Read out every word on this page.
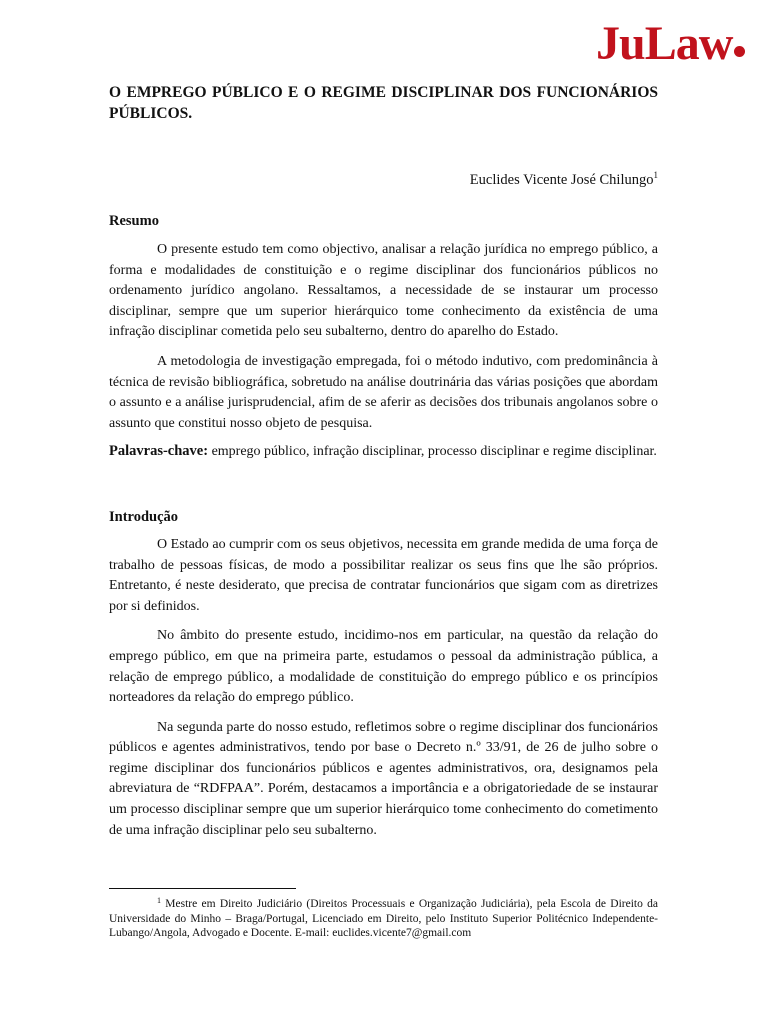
JuLaw
O EMPREGO PÚBLICO E O REGIME DISCIPLINAR DOS FUNCIONÁRIOS PÚBLICOS.
Euclides Vicente José Chilungo$^1$
Resumo

O presente estudo tem como objectivo, analisar a relação jurídica no emprego público, a forma e modalidades de constituição e o regime disciplinar dos funcionários públicos no ordenamento jurídico angolano. Ressaltamos, a necessidade de se instaurar um processo disciplinar, sempre que um superior hierárquico tome conhecimento da existência de uma infração disciplinar cometida pelo seu subalterno, dentro do aparelho do Estado.

A metodologia de investigação empregada, foi o método indutivo, com predominância à técnica de revisão bibliográfica, sobretudo na análise doutrinária das várias posições que abordam o assunto e a análise jurisprudencial, afim de se aferir as decisões dos tribunais angolanos sobre o assunto que constitui nosso objeto de pesquisa.

Palavras-chave: emprego público, infração disciplinar, processo disciplinar e regime disciplinar.
Introdução

O Estado ao cumprir com os seus objetivos, necessita em grande medida de uma força de trabalho de pessoas físicas, de modo a possibilitar realizar os seus fins que lhe são próprios. Entretanto, é neste desiderato, que precisa de contratar funcionários que sigam com as diretrizes por si definidos.

No âmbito do presente estudo, incidimo-nos em particular, na questão da relação do emprego público, em que na primeira parte, estudamos o pessoal da administração pública, a relação de emprego público, a modalidade de constituição do emprego público e os princípios norteadores da relação do emprego público.

Na segunda parte do nosso estudo, refletimos sobre o regime disciplinar dos funcionários públicos e agentes administrativos, tendo por base o Decreto n.º 33/91, de 26 de julho sobre o regime disciplinar dos funcionários públicos e agentes administrativos, ora, designamos pela abreviatura de “RDFPAA”. Porém, destacamos a importância e a obrigatoriedade de se instaurar um processo disciplinar sempre que um superior hierárquico tome conhecimento do cometimento de uma infração disciplinar pelo seu subalterno.

$^1$ Mestre em Direito Judiciário (Direitos Processuais e Organização Judiciária), pela Escola de Direito da Universidade do Minho – Braga/Portugal, Licenciado em Direito, pelo Instituto Superior Politécnico Independente- Lubango/Angola, Advogado e Docente. E-mail: euclides.vicente7@gmail.com
